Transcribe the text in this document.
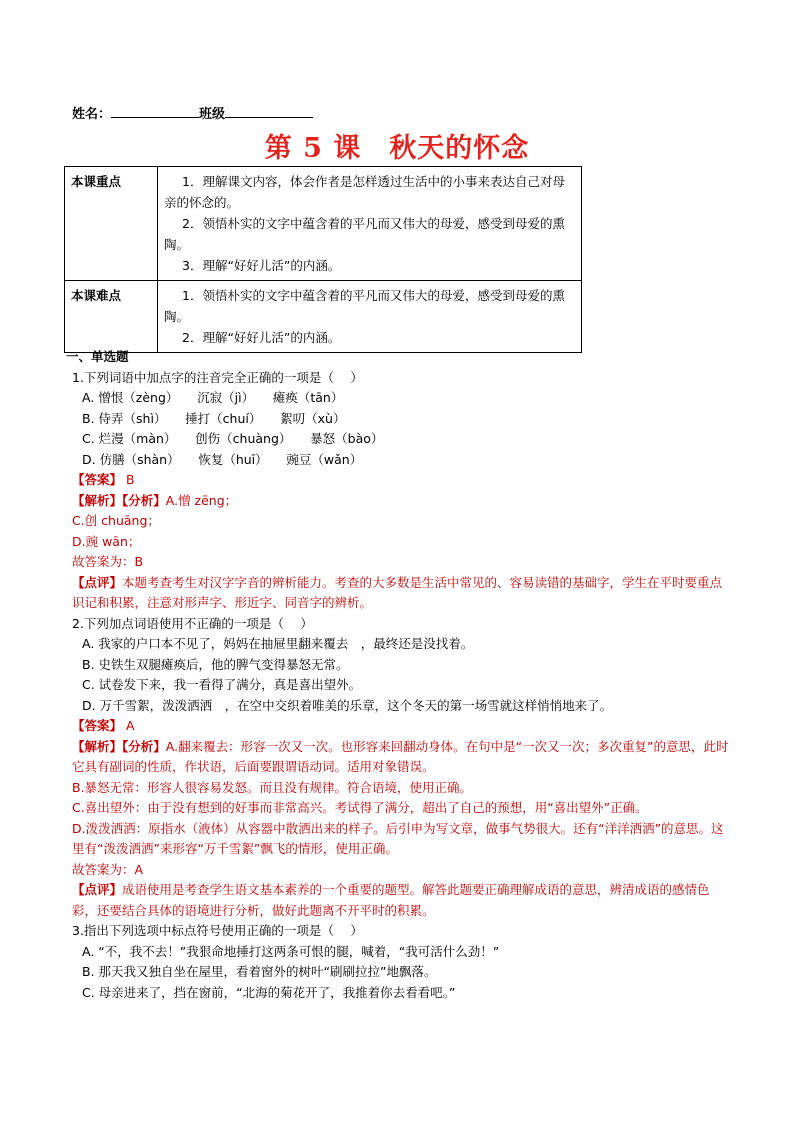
姓名：	班级
第 5 课　秋天的怀念
本课重点	1．理解课文内容，体会作者是怎样透过生活中的小事来表达自己对母亲的怀念的。
2．领悟朴实的文字中蕴含着的平凡而又伟大的母爱，感受到母爱的熏陶。
3．理解“好好儿活”的内涵。

本课难点	1．领悟朴实的文字中蕴含着的平凡而又伟大的母爱，感受到母爱的熏陶。
2．理解“好好儿活”的内涵。
一、单选题
1.下列词语中加点字的注音完全正确的一项是（　 ）
A. 憎恨（zèng）　　沉寂（jì）　　瘫痪（tān）
B. 侍弄（shì）　　捶打（chuí）　　絮叨（xù）
C. 烂漫（màn）　　创伤（chuàng）　　暴怒（bào）
D. 仿膳（shàn）　　恢复（huī）　　豌豆（wǎn）
【答案】 B
【解析】【分析】A.憎 zēng；
C.创 chuāng；
D.豌 wān；
故答案为：B
【点评】本题考查考生对汉字字音的辨析能力。考查的大多数是生活中常见的、容易读错的基础字，学生在平时要重点识记和积累，注意对形声字、形近字、同音字的辨析。
2.下列加点词语使用不正确的一项是（　 ）
A. 我家的户口本不见了，妈妈在抽屉里翻来覆去　，最终还是没找着。
B. 史铁生双腿瘫痪后，他的脾气变得暴怒无常。
C. 试卷发下来，我一看得了满分，真是喜出望外。
D. 万千雪絮，泼泼洒洒　，在空中交织着唯美的乐章，这个冬天的第一场雪就这样悄悄地来了。
【答案】 A
【解析】【分析】A.翻来覆去：形容一次又一次。也形容来回翻动身体。在句中是“一次又一次；多次重复”的意思，此时它具有副词的性质，作状语，后面要跟谓语动词。适用对象错误。
B.暴怒无常：形容人很容易发怒。而且没有规律。符合语境，使用正确。
C.喜出望外：由于没有想到的好事而非常高兴。考试得了满分，超出了自己的预想，用“喜出望外”正确。
D.泼泼洒洒：原指水（液体）从容器中散洒出来的样子。后引申为写文章，做事气势很大。还有“洋洋洒洒”的意思。这里有“泼泼洒洒”来形容“万千雪絮”飘飞的情形，使用正确。
故答案为：A
【点评】成语使用是考查学生语文基本素养的一个重要的题型。解答此题要正确理解成语的意思，辨清成语的感情色彩，还要结合具体的语境进行分析，做好此题离不开平时的积累。
3.指出下列选项中标点符号使用正确的一项是（　 ）
A. “不，我不去！”我狠命地捶打这两条可恨的腿，喊着，“我可活什么劲！”
B. 那天我又独自坐在屋里，看着窗外的树叶“刷刷拉拉”地飘落。
C. 母亲进来了，挡在窗前，“北海的菊花开了，我推着你去看看吧。”
